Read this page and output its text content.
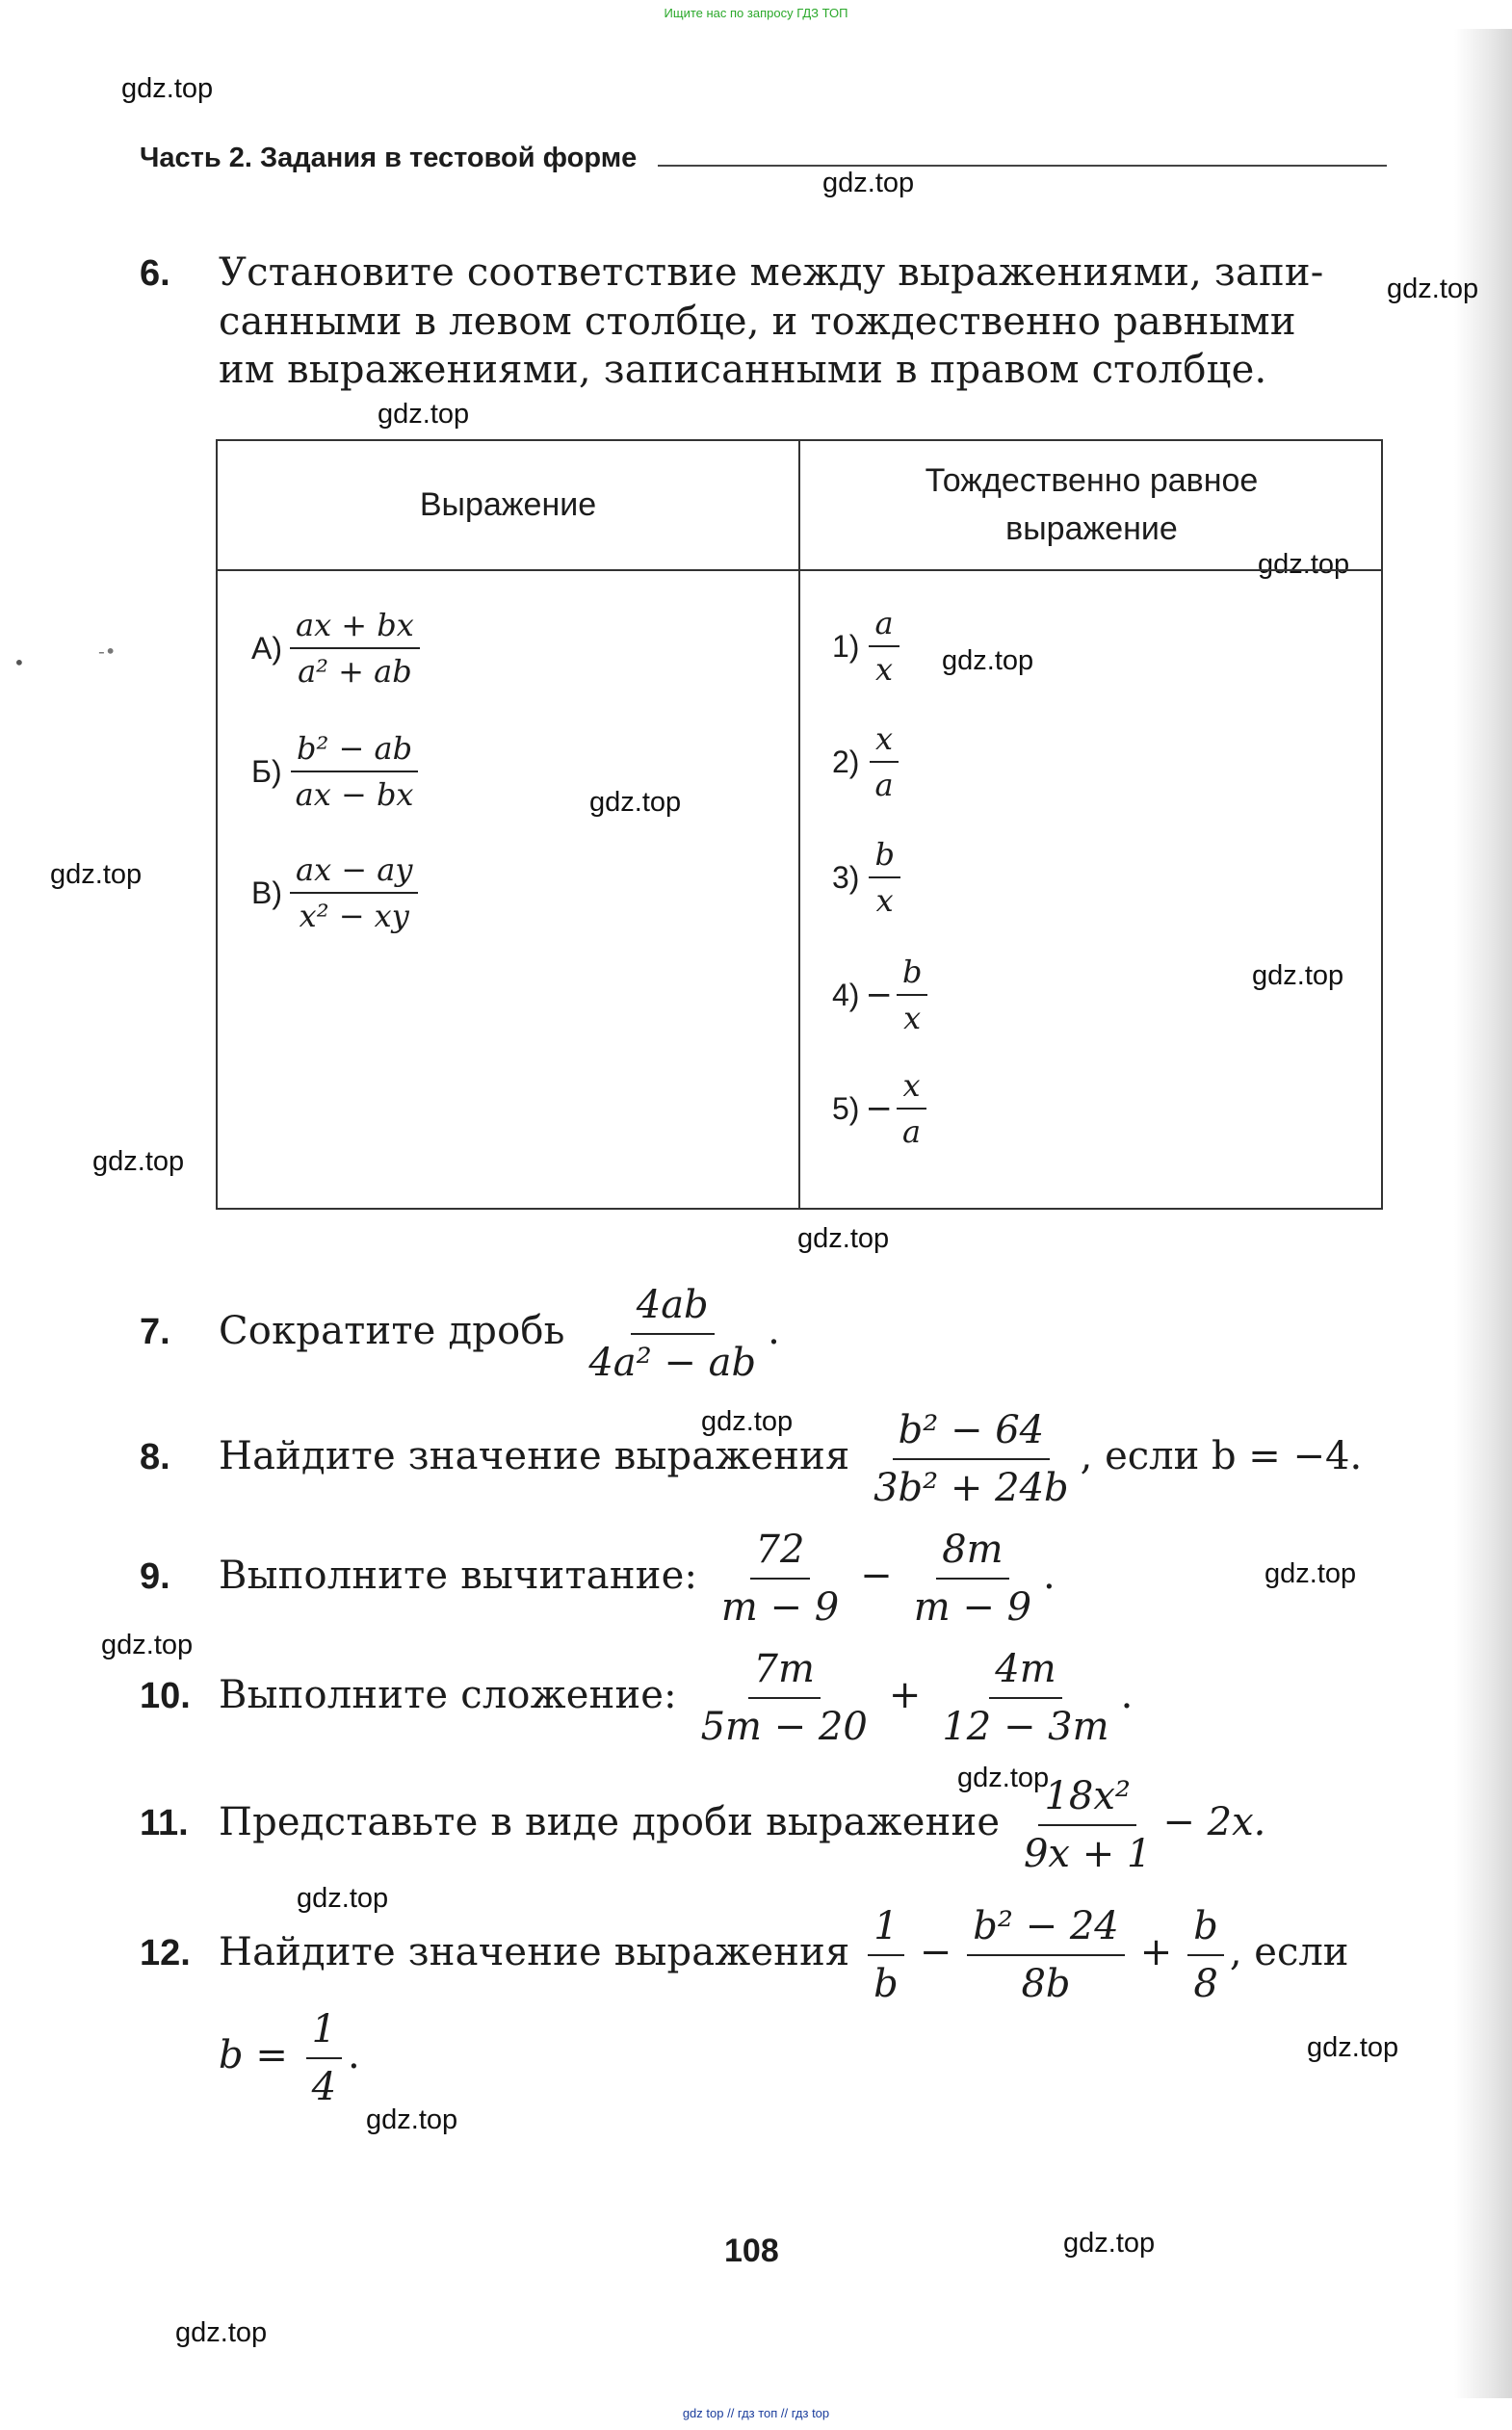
Ищите нас по запросу ГДЗ ТОП
gdz.top
gdz.top
gdz.top
gdz.top
gdz.top
gdz.top
gdz.top
gdz.top
gdz.top
gdz.top
gdz.top
gdz.top
gdz.top
gdz.top
gdz.top
gdz.top
gdz.top
gdz.top
gdz.top
gdz.top
•	-•
Часть 2. Задания в тестовой форме
6. Установите соответствие между выражениями, запи-
санными в левом столбце, и тождественно равными
им выражениями, записанными в правом столбце.
Выражение
Тождественно равное
выражение
$А) \frac{ax + bx}{\text{a² + ab}}$
$Б) \frac{\text{b² − ab}}{ax - bx}$
$В) \frac{ax - ay}{\text{x² − xy}}$
$1) \frac{a}{x}$
$2) \frac{x}{a}$
$3) \frac{b}{x}$
$4) - \frac{b}{x}$
$5) - \frac{x}{a}$
7. Сократите дробь $\frac{4ab}{\text{4a² − ab}}$ .
8. Найдите значение выражения $\frac{\text{b² − 64}}{\text{3b² + 24b}}$ , если b = −4.
9. Выполните вычитание: $\frac{72}{m - 9} - \frac{8m}{m - 9}$ .
10. Выполните сложение: $\frac{7m}{5m - 20} + \frac{4m}{12 - 3m}$ .
11. Представьте в виде дроби выражение $\frac{\text{18x²}}{9x + 1} - 2x$.
12. Найдите значение выражения $\frac{1}{b} - \frac{\text{b² − 24}}{8b} + \frac{b}{8}$ , если
$b = \frac{1}{4}$ .
108
gdz top // гдз топ // гдз top
